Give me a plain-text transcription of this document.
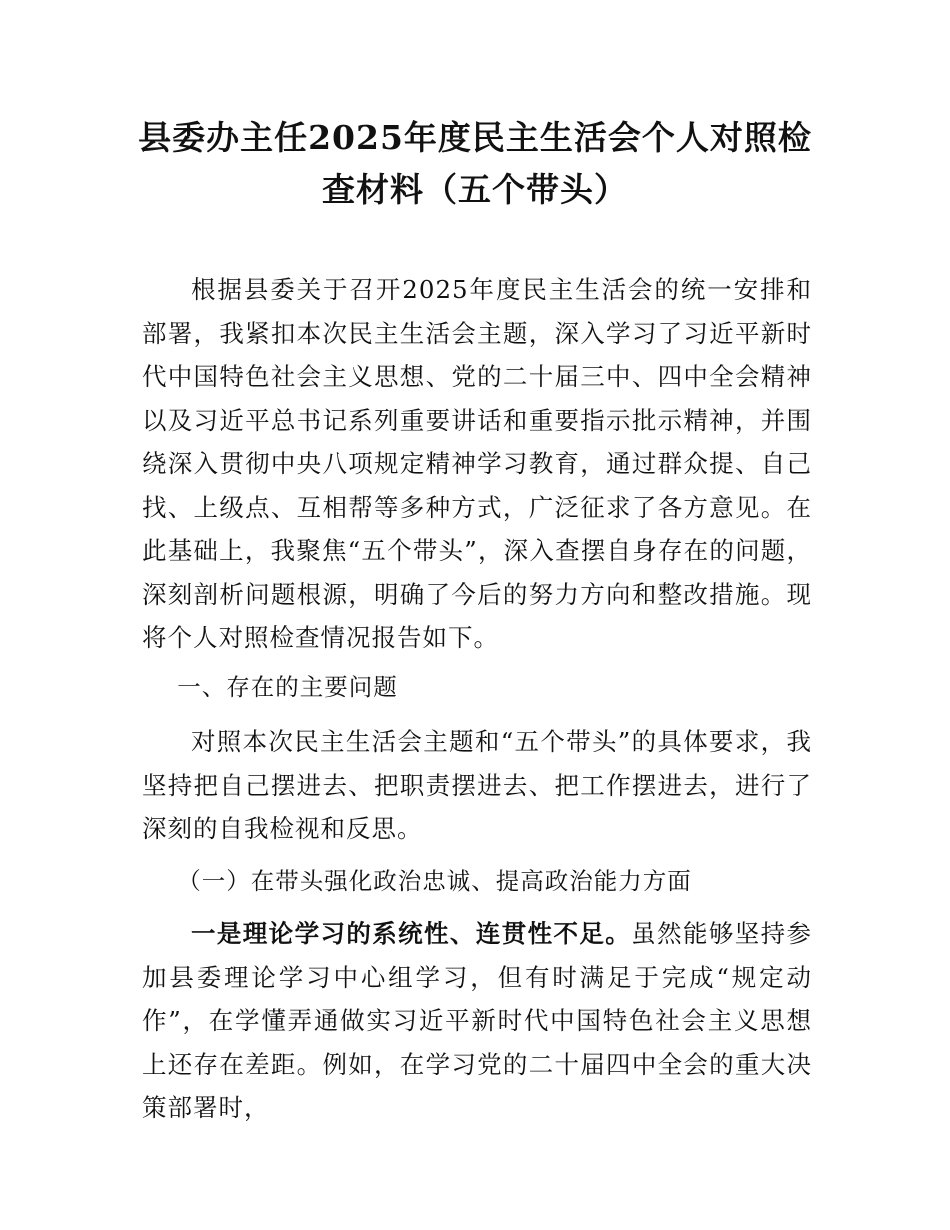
县委办主任2025年度民主生活会个人对照检
查材料（五个带头）

根据县委关于召开2025年度民主生活会的统一安排和部署，我紧扣本次民主生活会主题，深入学习了习近平新时代中国特色社会主义思想、党的二十届三中、四中全会精神以及习近平总书记系列重要讲话和重要指示批示精神，并围绕深入贯彻中央八项规定精神学习教育，通过群众提、自己找、上级点、互相帮等多种方式，广泛征求了各方意见。在此基础上，我聚焦“五个带头”，深入查摆自身存在的问题，深刻剖析问题根源，明确了今后的努力方向和整改措施。现将个人对照检查情况报告如下。

一、存在的主要问题

对照本次民主生活会主题和“五个带头”的具体要求，我坚持把自己摆进去、把职责摆进去、把工作摆进去，进行了深刻的自我检视和反思。

（一）在带头强化政治忠诚、提高政治能力方面

一是理论学习的系统性、连贯性不足。虽然能够坚持参加县委理论学习中心组学习，但有时满足于完成“规定动作”，在学懂弄通做实习近平新时代中国特色社会主义思想上还存在差距。例如，在学习党的二十届四中全会的重大决策部署时，
